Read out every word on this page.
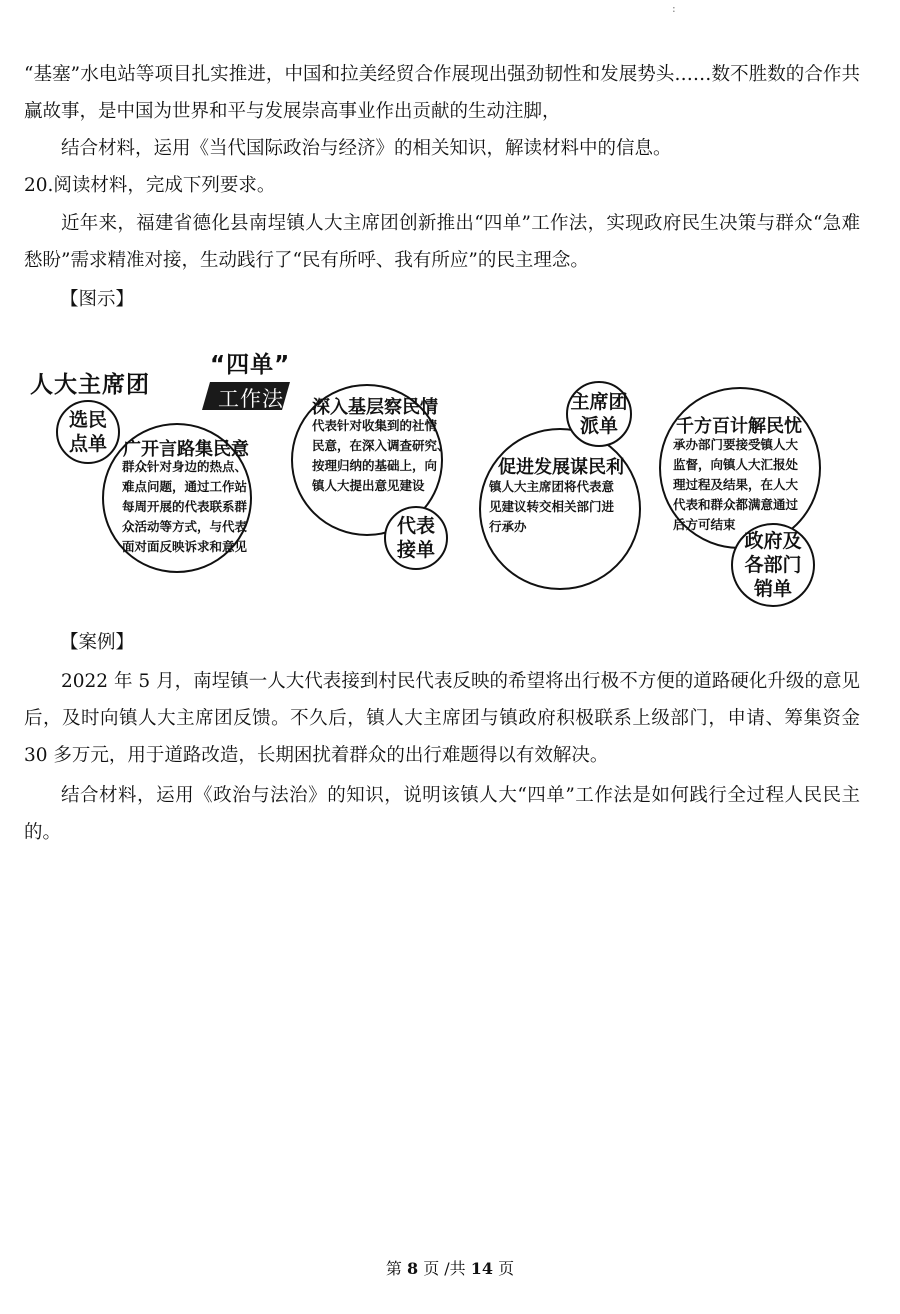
:

“基塞”水电站等项目扎实推进，中国和拉美经贸合作展现出强劲韧性和发展势头……数不胜数的合作共赢故事，是中国为世界和平与发展崇高事业作出贡献的生动注脚，

结合材料，运用《当代国际政治与经济》的相关知识，解读材料中的信息。

20.阅读材料，完成下列要求。

近年来，福建省德化县南埕镇人大主席团创新推出“四单”工作法，实现政府民生决策与群众“急难愁盼”需求精准对接，生动践行了“民有所呼、我有所应”的民主理念。

【图示】
人大主席团
“四单”
工作法
选民
点单 广开言路集民意
群众针对身边的热点、
难点问题，通过工作站
每周开展的代表联系群
众活动等方式，与代表
面对面反映诉求和意见
深入基层察民情
代表针对收集到的社情
民意，在深入调查研究、
按理归纳的基础上，向
镇人大提出意见建设
代表
接单
主席团
派单
促进发展谋民利
镇人大主席团将代表意
见建议转交相关部门进
行承办
千方百计解民忧
承办部门要接受镇人大
监督，向镇人大汇报处
理过程及结果，在人大
代表和群众都满意通过
后方可结束
政府及
各部门
销单
【案例】

2022 年 5 月，南埕镇一人大代表接到村民代表反映的希望将出行极不方便的道路硬化升级的意见后，及时向镇人大主席团反馈。不久后，镇人大主席团与镇政府积极联系上级部门，申请、筹集资金 30 多万元，用于道路改造，长期困扰着群众的出行难题得以有效解决。

结合材料，运用《政治与法治》的知识，说明该镇人大“四单”工作法是如何践行全过程人民民主的。

第 8 页 /共 14 页
